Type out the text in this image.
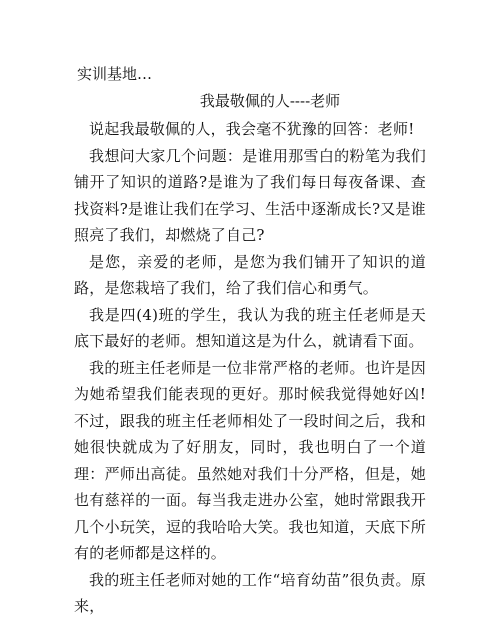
实训基地…
我最敬佩的人----老师

说起我最敬佩的人，我会毫不犹豫的回答：老师!

我想问大家几个问题：是谁用那雪白的粉笔为我们铺开了知识的道路?是谁为了我们每日每夜备课、查找资料?是谁让我们在学习、生活中逐渐成长?又是谁照亮了我们，却燃烧了自己?

是您，亲爱的老师，是您为我们铺开了知识的道路，是您栽培了我们，给了我们信心和勇气。

我是四(4)班的学生，我认为我的班主任老师是天底下最好的老师。想知道这是为什么，就请看下面。

我的班主任老师是一位非常严格的老师。也许是因为她希望我们能表现的更好。那时候我觉得她好凶!不过，跟我的班主任老师相处了一段时间之后，我和她很快就成为了好朋友，同时，我也明白了一个道理：严师出高徒。虽然她对我们十分严格，但是，她也有慈祥的一面。每当我走进办公室，她时常跟我开几个小玩笑，逗的我哈哈大笑。我也知道，天底下所有的老师都是这样的。

我的班主任老师对她的工作“培育幼苗”很负责。原来，
